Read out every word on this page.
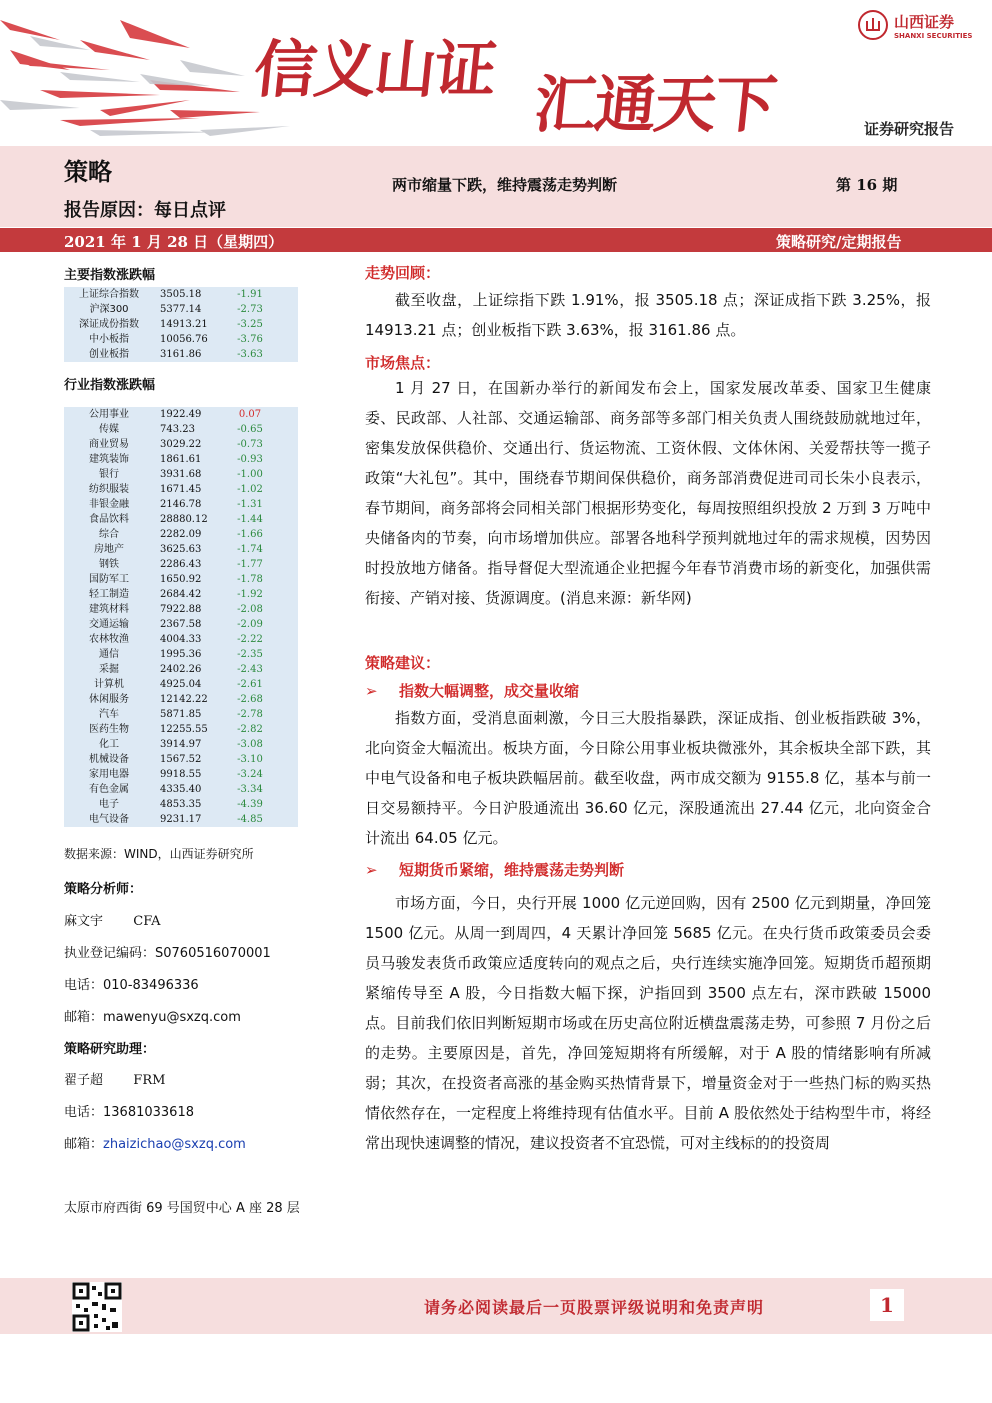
信义山证 汇通天下
山西证券
SHANXI SECURITIES
证券研究报告
策略	两市缩量下跌，维持震荡走势判断	第 16 期
报告原因：每日点评
2021 年 1 月 28 日（星期四）	策略研究/定期报告
主要指数涨跌幅
上证综合指数	3505.18	-1.91	
沪深300	5377.14	-2.73	
深证成份指数	14913.21	-3.25	
中小板指	10056.76	-3.76	
创业板指	3161.86	-3.63	
行业指数涨跌幅
公用事业	1922.49	0.07	
传媒	743.23	-0.65	
商业贸易	3029.22	-0.73	
建筑装饰	1861.61	-0.93	
银行	3931.68	-1.00	
纺织服装	1671.45	-1.02	
非银金融	2146.78	-1.31	
食品饮料	28880.12	-1.44	
综合	2282.09	-1.66	
房地产	3625.63	-1.74	
钢铁	2286.43	-1.77	
国防军工	1650.92	-1.78	
轻工制造	2684.42	-1.92	
建筑材料	7922.88	-2.08	
交通运输	2367.58	-2.09	
农林牧渔	4004.33	-2.22	
通信	1995.36	-2.35	
采掘	2402.26	-2.43	
计算机	4925.04	-2.61	
休闲服务	12142.22	-2.68	
汽车	5871.85	-2.78	
医药生物	12255.55	-2.82	
化工	3914.97	-3.08	
机械设备	1567.52	-3.10	
家用电器	9918.55	-3.24	
有色金属	4335.40	-3.34	
电子	4853.35	-4.39	
电气设备	9231.17	-4.85	
数据来源：WIND，山西证券研究所
策略分析师：
麻文宇 CFA
执业登记编码：S0760516070001
电话：010-83496336
邮箱：mawenyu@sxzq.com
策略研究助理：
翟子超 FRM
电话：13681033618
邮箱：zhaizichao@sxzq.com
太原市府西街 69 号国贸中心 A 座 28 层
走势回顾：
截至收盘，上证综指下跌 1.91%，报 3505.18 点；深证成指下跌 3.25%，报 14913.21 点；创业板指下跌 3.63%，报 3161.86 点。
市场焦点：
1 月 27 日，在国新办举行的新闻发布会上，国家发展改革委、国家卫生健康委、民政部、人社部、交通运输部、商务部等多部门相关负责人围绕鼓励就地过年，密集发放保供稳价、交通出行、货运物流、工资休假、文体休闲、关爱帮扶等一揽子政策“大礼包”。其中，围绕春节期间保供稳价，商务部消费促进司司长朱小良表示，春节期间，商务部将会同相关部门根据形势变化，每周按照组织投放 2 万到 3 万吨中央储备肉的节奏，向市场增加供应。部署各地科学预判就地过年的需求规模，因势因时投放地方储备。指导督促大型流通企业把握今年春节消费市场的新变化，加强供需衔接、产销对接、货源调度。(消息来源：新华网)
策略建议：
➢ 指数大幅调整，成交量收缩
指数方面，受消息面刺激，今日三大股指暴跌，深证成指、创业板指跌破 3%，北向资金大幅流出。板块方面，今日除公用事业板块微涨外，其余板块全部下跌，其中电气设备和电子板块跌幅居前。截至收盘，两市成交额为 9155.8 亿，基本与前一日交易额持平。今日沪股通流出 36.60 亿元，深股通流出 27.44 亿元，北向资金合计流出 64.05 亿元。
➢ 短期货币紧缩，维持震荡走势判断
市场方面，今日，央行开展 1000 亿元逆回购，因有 2500 亿元到期量，净回笼 1500 亿元。从周一到周四，4 天累计净回笼 5685 亿元。在央行货币政策委员会委员马骏发表货币政策应适度转向的观点之后，央行连续实施净回笼。短期货币超预期紧缩传导至 A 股，今日指数大幅下探，沪指回到 3500 点左右，深市跌破 15000 点。目前我们依旧判断短期市场或在历史高位附近横盘震荡走势，可参照 7 月份之后的走势。主要原因是，首先，净回笼短期将有所缓解，对于 A 股的情绪影响有所减弱；其次，在投资者高涨的基金购买热情背景下，增量资金对于一些热门标的购买热情依然存在，一定程度上将维持现有估值水平。目前 A 股依然处于结构型牛市，将经常出现快速调整的情况，建议投资者不宜恐慌，可对主线标的的投资周
请务必阅读最后一页股票评级说明和免责声明	1
